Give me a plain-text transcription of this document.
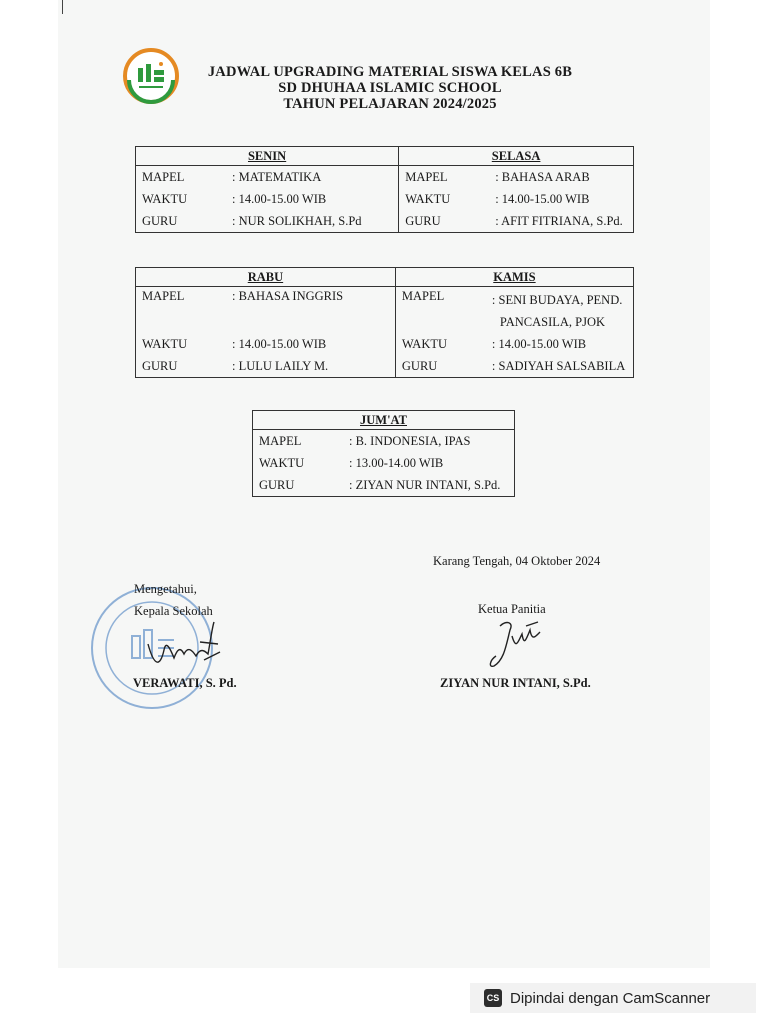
JADWAL UPGRADING MATERIAL SISWA KELAS 6B
SD DHUHAA ISLAMIC SCHOOL
TAHUN PELAJARAN 2024/2025
SENIN		SELASA	
MAPEL	: MATEMATIKA	MAPEL	: BAHASA ARAB
WAKTU	: 14.00-15.00 WIB	WAKTU	: 14.00-15.00 WIB
GURU	: NUR SOLIKHAH, S.Pd	GURU	: AFIT FITRIANA, S.Pd.
RABU		KAMIS	
MAPEL	: BAHASA INGGRIS	MAPEL	: SENI BUDAYA, PEND.
PANCASILA, PJOK

WAKTU	: 14.00-15.00 WIB	WAKTU	: 14.00-15.00 WIB
GURU	: LULU LAILY M.	GURU	: SADIYAH SALSABILA
JUM'AT	
MAPEL	: B. INDONESIA, IPAS
WAKTU	: 13.00-14.00 WIB
GURU	: ZIYAN NUR INTANI, S.Pd.
Karang Tengah, 04 Oktober 2024
Mengetahui,
Kepala Sekolah
VERAWATI, S. Pd.
Ketua Panitia
ZIYAN NUR INTANI, S.Pd.
CS Dipindai dengan CamScanner
